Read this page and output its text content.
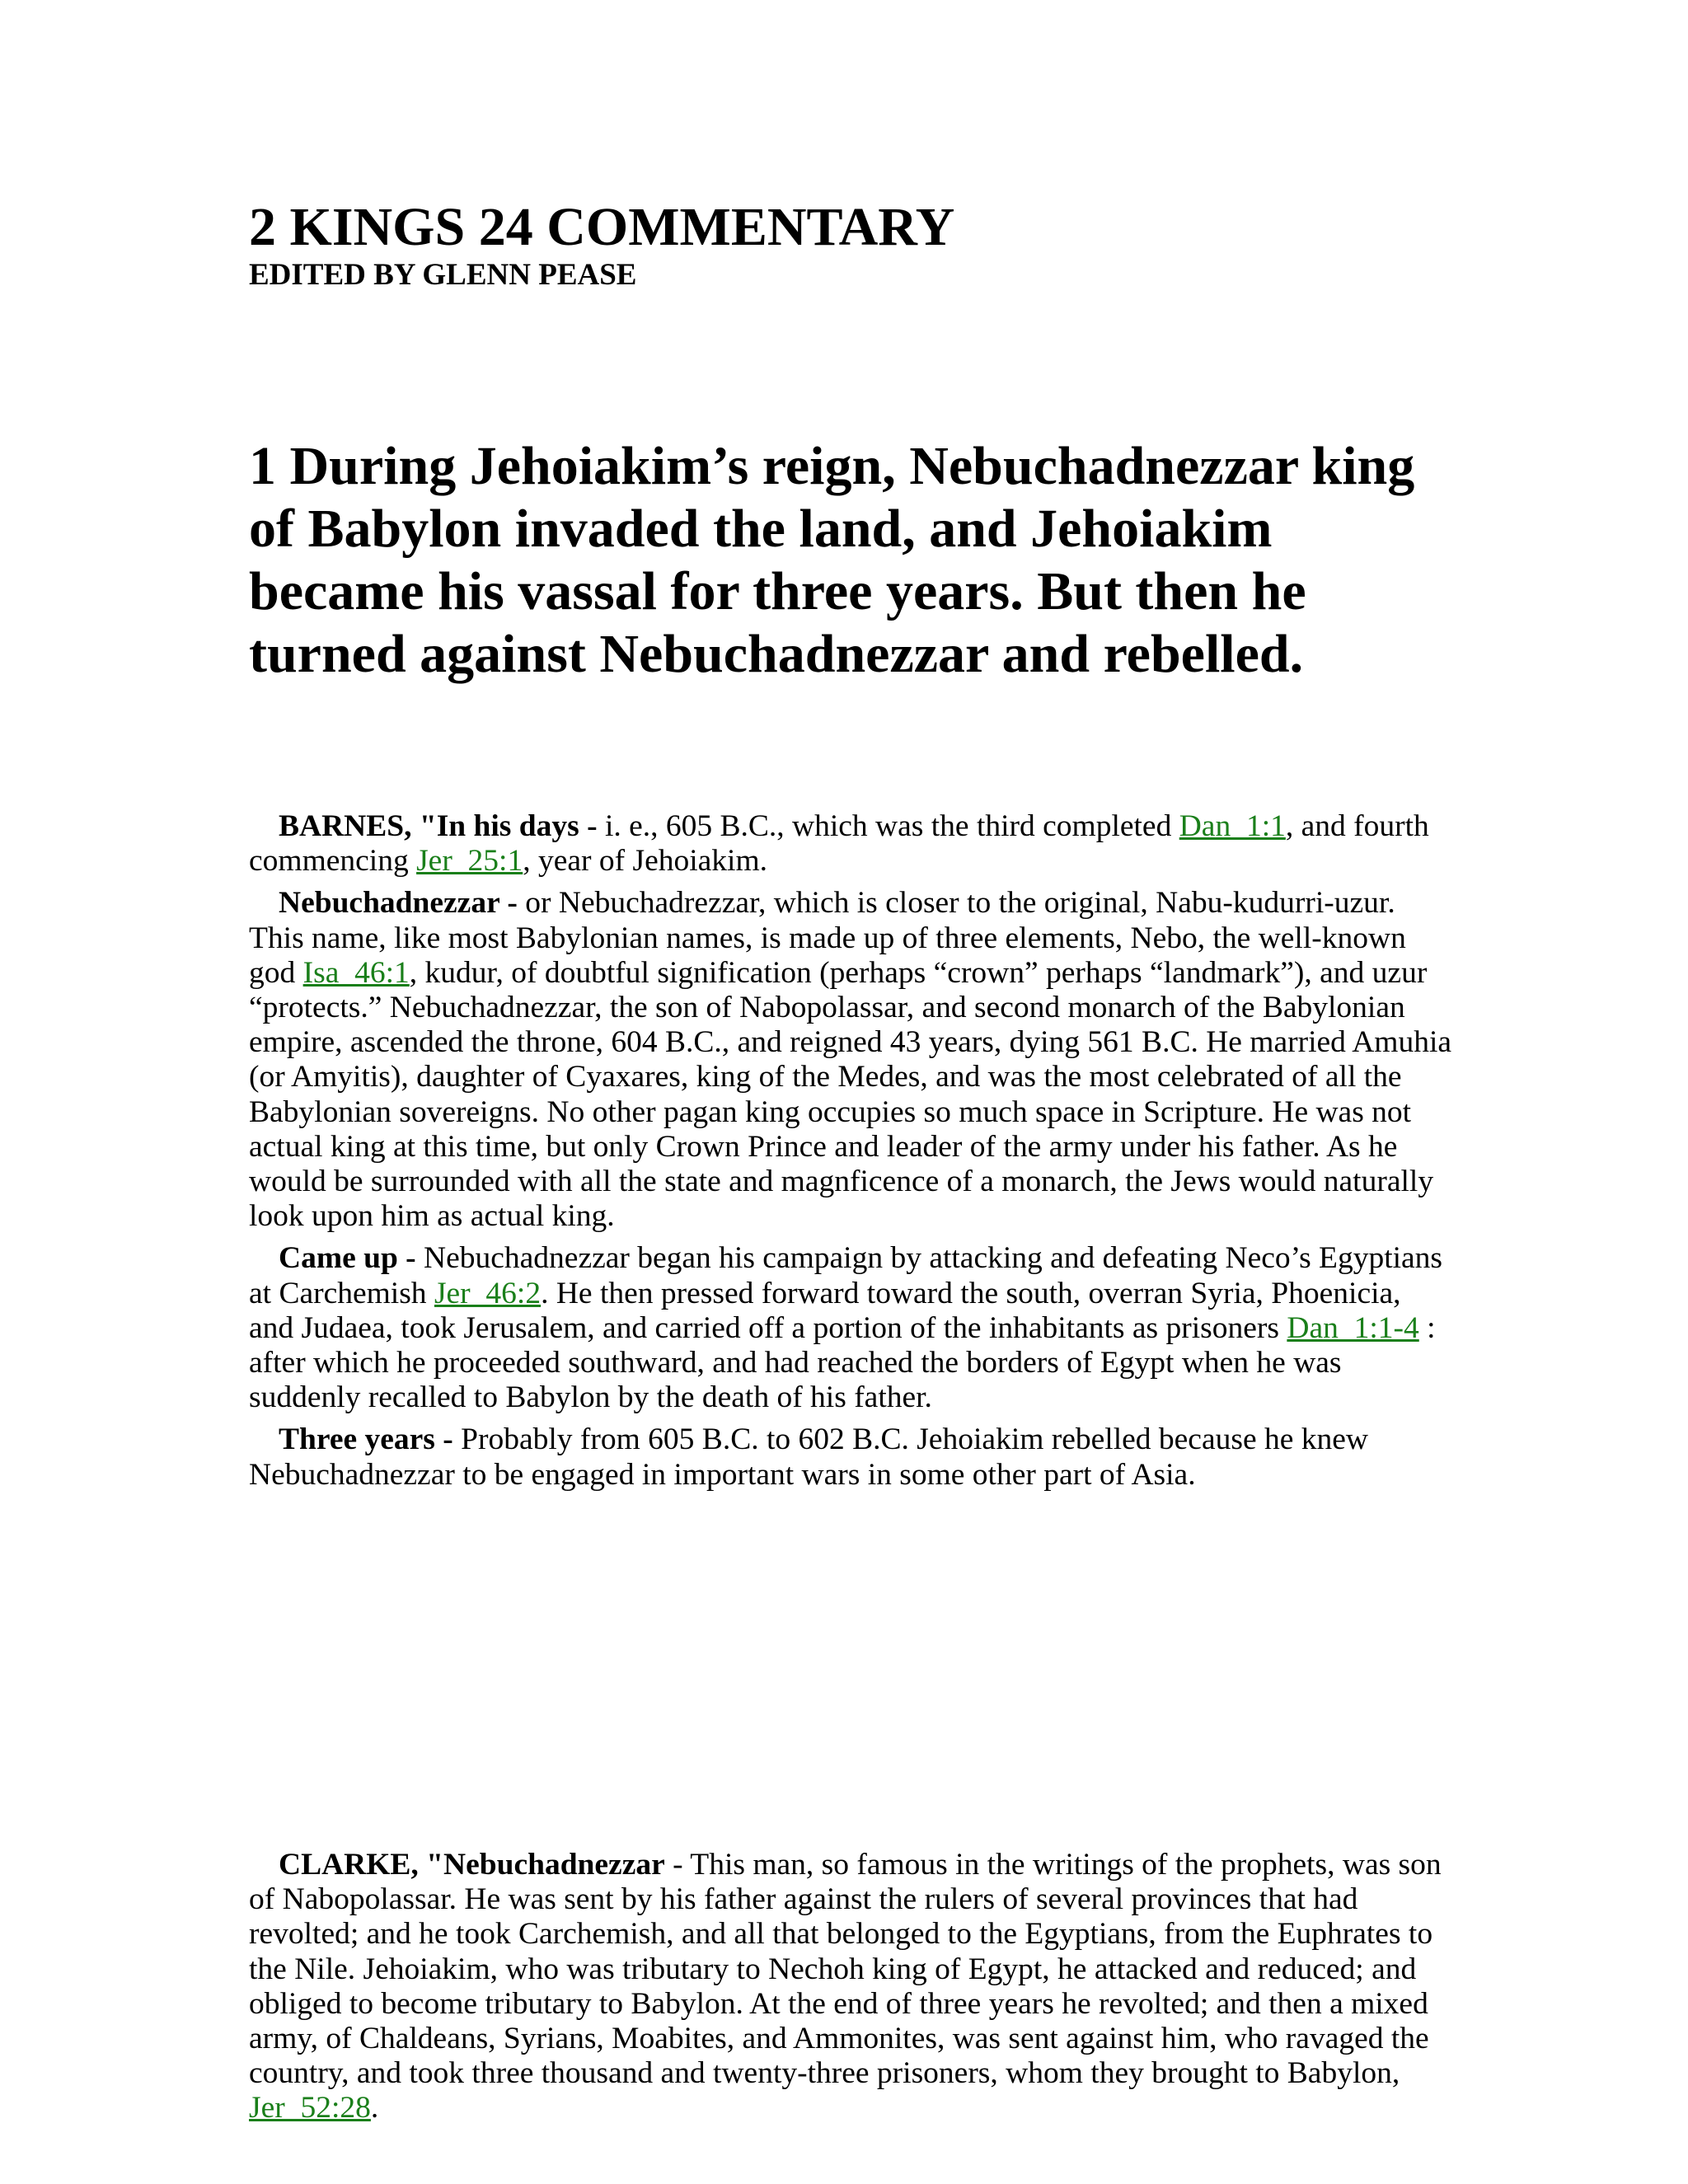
2 KINGS 24 COMMENTARY
EDITED BY GLENN PEASE
1 During Jehoiakim’s reign, Nebuchadnezzar king of Babylon invaded the land, and Jehoiakim became his vassal for three years. But then he turned against Nebuchadnezzar and rebelled.

BARNES, "In his days - i. e., 605 B.C., which was the third completed Dan_1:1, and fourth commencing Jer_25:1, year of Jehoiakim.

Nebuchadnezzar - or Nebuchadrezzar, which is closer to the original, Nabu-kudurri-uzur. This name, like most Babylonian names, is made up of three elements, Nebo, the well-known god Isa_46:1, kudur, of doubtful signification (perhaps “crown” perhaps “landmark”), and uzur “protects.” Nebuchadnezzar, the son of Nabopolassar, and second monarch of the Babylonian empire, ascended the throne, 604 B.C., and reigned 43 years, dying 561 B.C. He married Amuhia (or Amyitis), daughter of Cyaxares, king of the Medes, and was the most celebrated of all the Babylonian sovereigns. No other pagan king occupies so much space in Scripture. He was not actual king at this time, but only Crown Prince and leader of the army under his father. As he would be surrounded with all the state and magnficence of a monarch, the Jews would naturally look upon him as actual king.

Came up - Nebuchadnezzar began his campaign by attacking and defeating Neco’s Egyptians at Carchemish Jer_46:2. He then pressed forward toward the south, overran Syria, Phoenicia, and Judaea, took Jerusalem, and carried off a portion of the inhabitants as prisoners Dan_1:1-4 : after which he proceeded southward, and had reached the borders of Egypt when he was suddenly recalled to Babylon by the death of his father.

Three years - Probably from 605 B.C. to 602 B.C. Jehoiakim rebelled because he knew Nebuchadnezzar to be engaged in important wars in some other part of Asia.

CLARKE, "Nebuchadnezzar - This man, so famous in the writings of the prophets, was son of Nabopolassar. He was sent by his father against the rulers of several provinces that had revolted; and he took Carchemish, and all that belonged to the Egyptians, from the Euphrates to the Nile. Jehoiakim, who was tributary to Nechoh king of Egypt, he attacked and reduced; and obliged to become tributary to Babylon. At the end of three years he revolted; and then a mixed army, of Chaldeans, Syrians, Moabites, and Ammonites, was sent against him, who ravaged the country, and took three thousand and twenty-three prisoners, whom they brought to Babylon, Jer_52:28.
